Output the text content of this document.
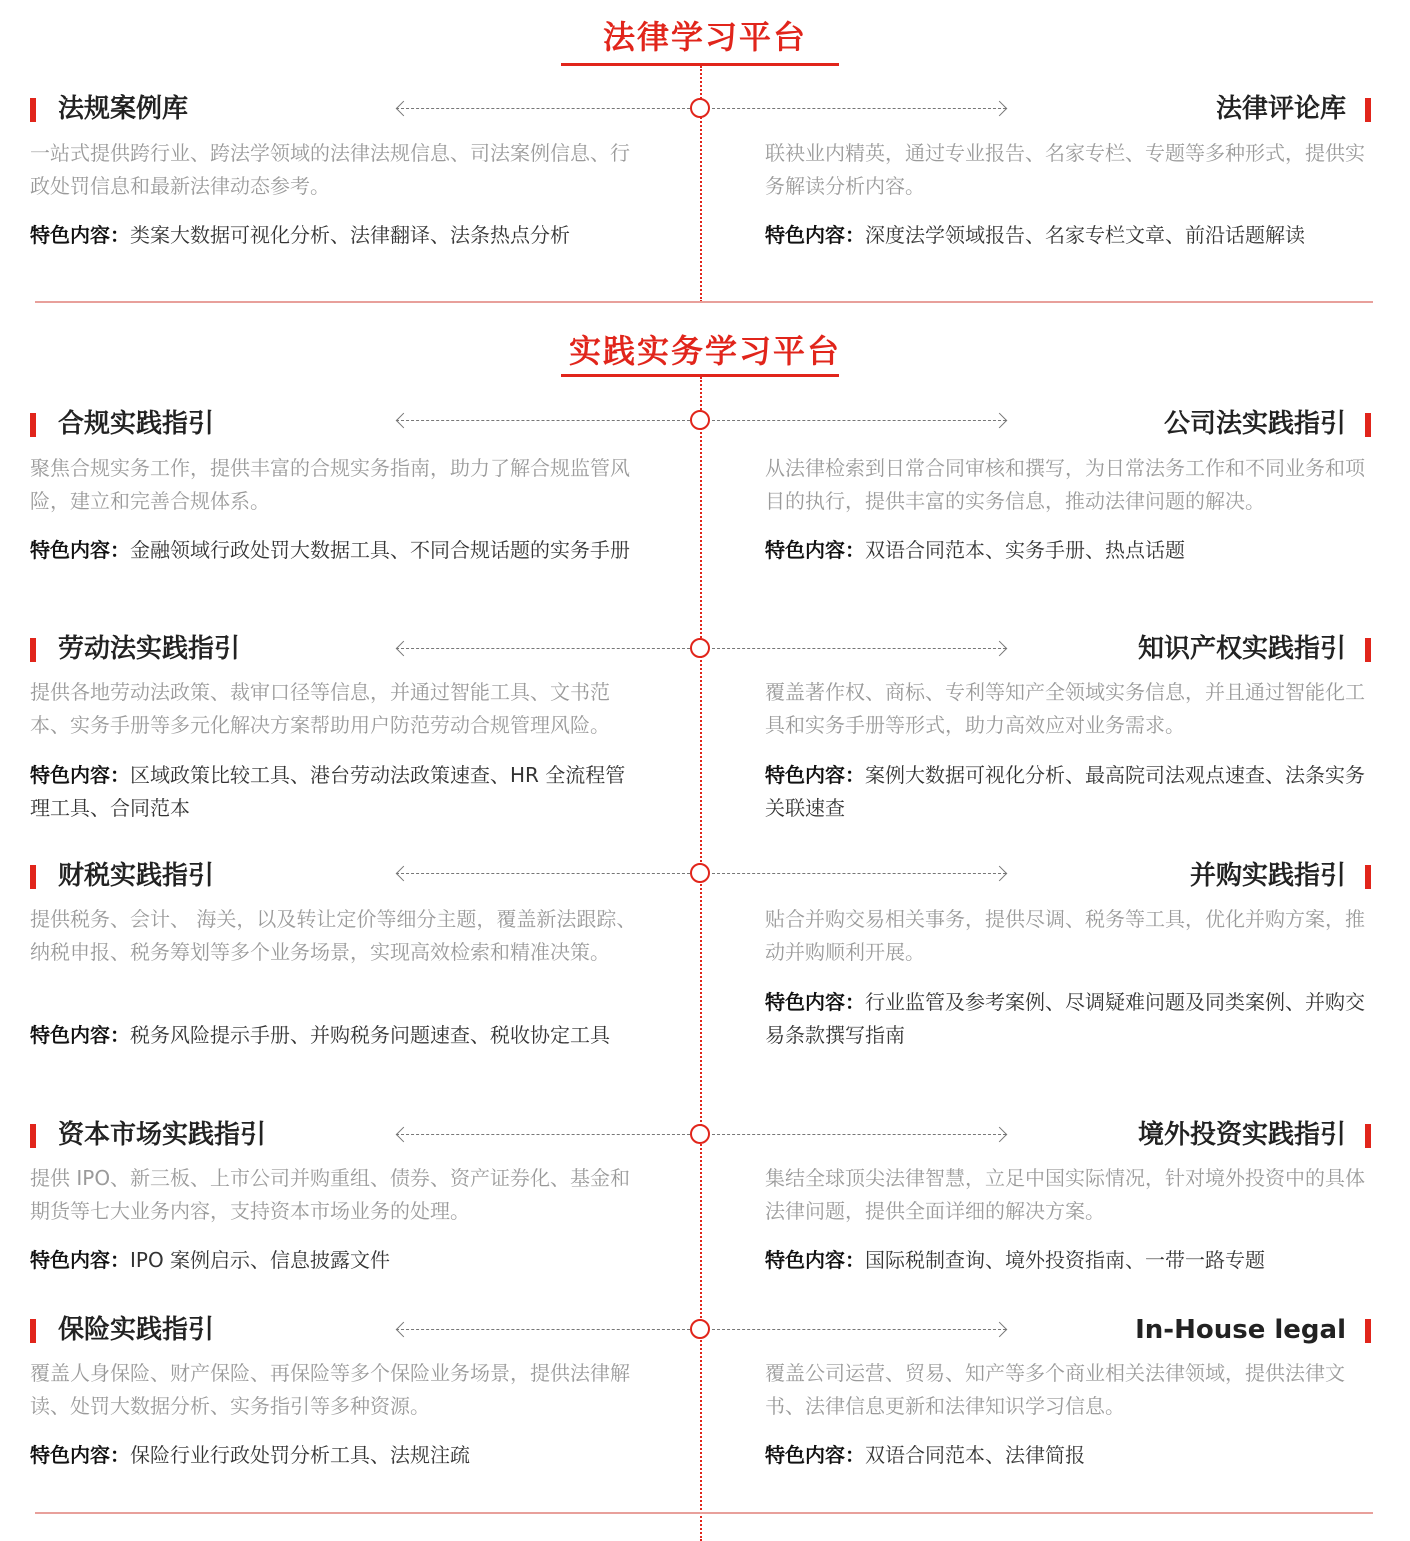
法律学习平台
实践实务学习平台
法规案例库
一站式提供跨行业、跨法学领域的法律法规信息、司法案例信息、行政处罚信息和最新法律动态参考。
特色内容：类案大数据可视化分析、法律翻译、法条热点分析
法律评论库
联袂业内精英，通过专业报告、名家专栏、专题等多种形式，提供实务解读分析内容。
特色内容：深度法学领域报告、名家专栏文章、前沿话题解读
合规实践指引
聚焦合规实务工作，提供丰富的合规实务指南，助力了解合规监管风险，建立和完善合规体系。
特色内容：金融领域行政处罚大数据工具、不同合规话题的实务手册
公司法实践指引
从法律检索到日常合同审核和撰写，为日常法务工作和不同业务和项目的执行，提供丰富的实务信息，推动法律问题的解决。
特色内容：双语合同范本、实务手册、热点话题
劳动法实践指引
提供各地劳动法政策、裁审口径等信息，并通过智能工具、文书范本、实务手册等多元化解决方案帮助用户防范劳动合规管理风险。
特色内容：区域政策比较工具、港台劳动法政策速查、HR 全流程管理工具、合同范本
知识产权实践指引
覆盖著作权、商标、专利等知产全领域实务信息，并且通过智能化工具和实务手册等形式，助力高效应对业务需求。
特色内容：案例大数据可视化分析、最高院司法观点速查、法条实务关联速查
财税实践指引
提供税务、会计、 海关，以及转让定价等细分主题，覆盖新法跟踪、纳税申报、税务筹划等多个业务场景，实现高效检索和精准决策。
特色内容：税务风险提示手册、并购税务问题速查、税收协定工具
并购实践指引
贴合并购交易相关事务，提供尽调、税务等工具，优化并购方案，推动并购顺利开展。
特色内容：行业监管及参考案例、尽调疑难问题及同类案例、并购交易条款撰写指南
资本市场实践指引
提供 IPO、新三板、上市公司并购重组、债券、资产证券化、基金和期货等七大业务内容，支持资本市场业务的处理。
特色内容：IPO 案例启示、信息披露文件
境外投资实践指引
集结全球顶尖法律智慧，立足中国实际情况，针对境外投资中的具体法律问题，提供全面详细的解决方案。
特色内容：国际税制查询、境外投资指南、一带一路专题
保险实践指引
覆盖人身保险、财产保险、再保险等多个保险业务场景，提供法律解读、处罚大数据分析、实务指引等多种资源。
特色内容：保险行业行政处罚分析工具、法规注疏
In-House legal
覆盖公司运营、贸易、知产等多个商业相关法律领域，提供法律文书、法律信息更新和法律知识学习信息。
特色内容：双语合同范本、法律简报
